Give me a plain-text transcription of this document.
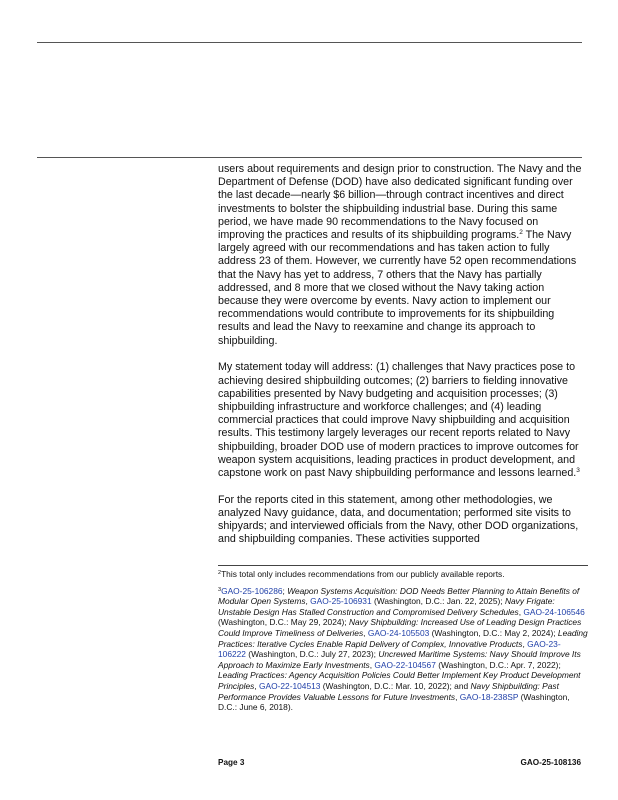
users about requirements and design prior to construction. The Navy and the Department of Defense (DOD) have also dedicated significant funding over the last decade—nearly $6 billion—through contract incentives and direct investments to bolster the shipbuilding industrial base. During this same period, we have made 90 recommendations to the Navy focused on improving the practices and results of its shipbuilding programs.$^2$ The Navy largely agreed with our recommendations and has taken action to fully address 23 of them. However, we currently have 52 open recommendations that the Navy has yet to address, 7 others that the Navy has partially addressed, and 8 more that we closed without the Navy taking action because they were overcome by events. Navy action to implement our recommendations would contribute to improvements for its shipbuilding results and lead the Navy to reexamine and change its approach to shipbuilding.

My statement today will address: (1) challenges that Navy practices pose to achieving desired shipbuilding outcomes; (2) barriers to fielding innovative capabilities presented by Navy budgeting and acquisition processes; (3) shipbuilding infrastructure and workforce challenges; and (4) leading commercial practices that could improve Navy shipbuilding and acquisition results. This testimony largely leverages our recent reports related to Navy shipbuilding, broader DOD use of modern practices to improve outcomes for weapon system acquisitions, leading practices in product development, and capstone work on past Navy shipbuilding performance and lessons learned.$^3$

For the reports cited in this statement, among other methodologies, we analyzed Navy guidance, data, and documentation; performed site visits to shipyards; and interviewed officials from the Navy, other DOD organizations, and shipbuilding companies. These activities supported

$^2$This total only includes recommendations from our publicly available reports.

$^3$GAO-25-106286; Weapon Systems Acquisition: DOD Needs Better Planning to Attain Benefits of Modular Open Systems, GAO-25-106931 (Washington, D.C.: Jan. 22, 2025); Navy Frigate: Unstable Design Has Stalled Construction and Compromised Delivery Schedules, GAO-24-106546 (Washington, D.C.: May 29, 2024); Navy Shipbuilding: Increased Use of Leading Design Practices Could Improve Timeliness of Deliveries, GAO-24-105503 (Washington, D.C.: May 2, 2024); Leading Practices: Iterative Cycles Enable Rapid Delivery of Complex, Innovative Products, GAO-23-106222 (Washington, D.C.: July 27, 2023); Uncrewed Maritime Systems: Navy Should Improve Its Approach to Maximize Early Investments, GAO-22-104567 (Washington, D.C.: Apr. 7, 2022); Leading Practices: Agency Acquisition Policies Could Better Implement Key Product Development Principles, GAO-22-104513 (Washington, D.C.: Mar. 10, 2022); and Navy Shipbuilding: Past Performance Provides Valuable Lessons for Future Investments, GAO-18-238SP (Washington, D.C.: June 6, 2018).

Page 3	GAO-25-108136
